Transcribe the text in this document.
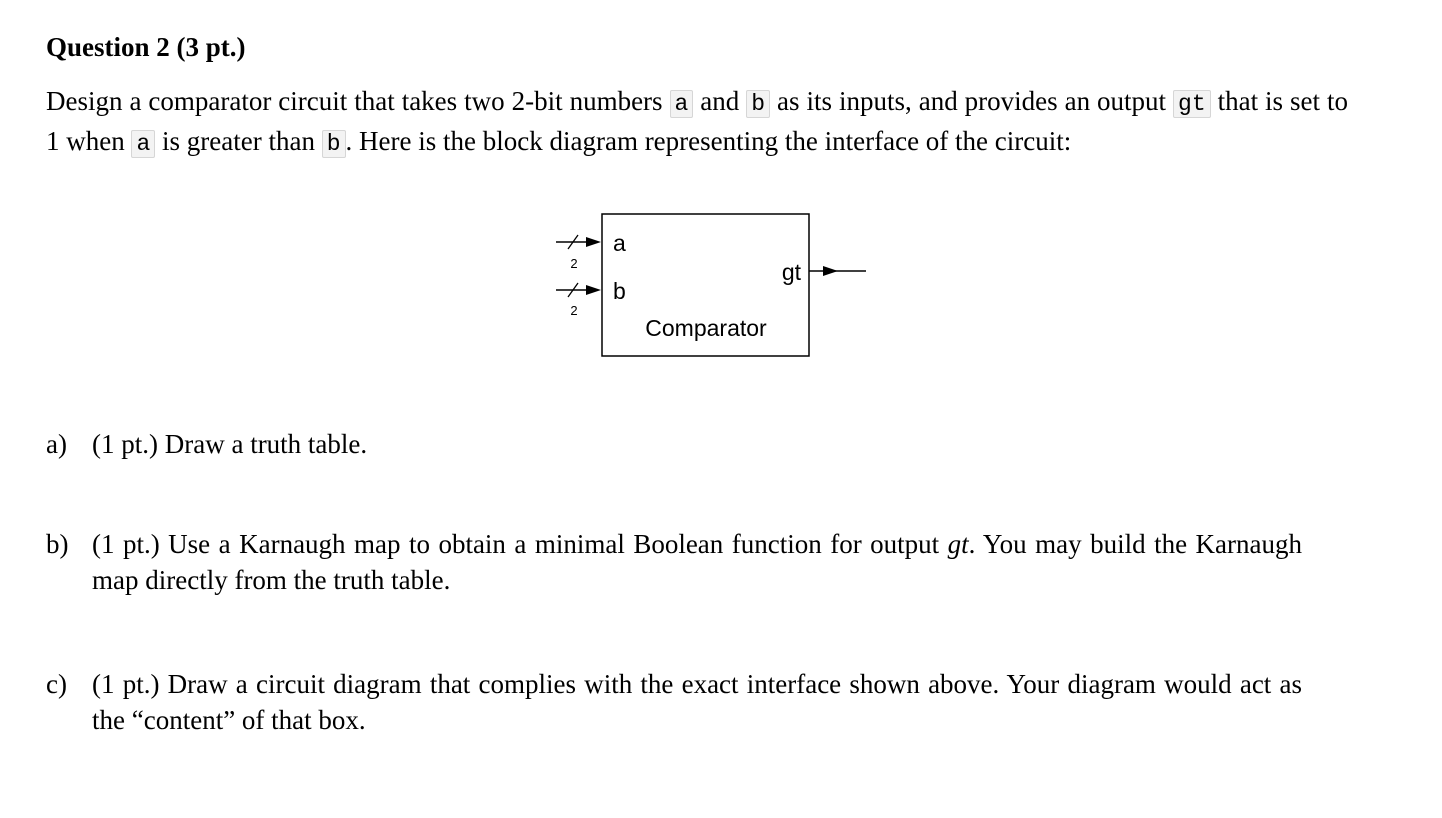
Question 2 (3 pt.)

Design a comparator circuit that takes two 2-bit numbers a and b as its inputs, and provides an output gt that is set to 1 when a is greater than b . Here is the block diagram representing the interface of the circuit:

2
a
2
b
gt
Comparator
a) (1 pt.) Draw a truth table.
b) (1 pt.) Use a Karnaugh map to obtain a minimal Boolean function for output gt. You may build the Karnaugh map directly from the truth table.
c) (1 pt.) Draw a circuit diagram that complies with the exact interface shown above. Your diagram would act as the “content” of that box.
